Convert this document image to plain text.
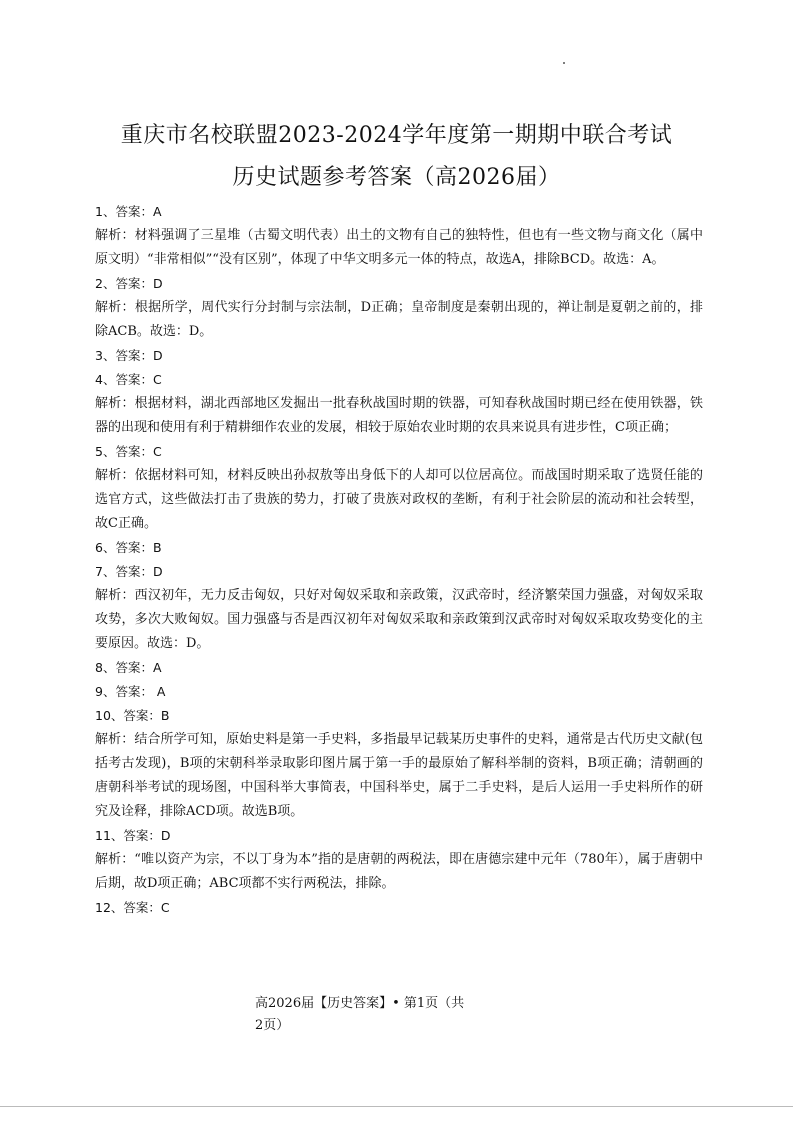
重庆市名校联盟2023-2024学年度第一期期中联合考试
历史试题参考答案（高2026届）
1、答案：A
解析：材料强调了三星堆（古蜀文明代表）出土的文物有自己的独特性，但也有一些文物与商文化（属中原文明）“非常相似”“没有区别”，体现了中华文明多元一体的特点，故选A，排除BCD。故选：A。
2、答案：D
解析：根据所学，周代实行分封制与宗法制，D正确；皇帝制度是秦朝出现的，禅让制是夏朝之前的，排除ACB。故选：D。
3、答案：D
4、答案：C
解析：根据材料，湖北西部地区发掘出一批春秋战国时期的铁器，可知春秋战国时期已经在使用铁器，铁器的出现和使用有利于精耕细作农业的发展，相较于原始农业时期的农具来说具有进步性，C项正确；
5、答案：C
解析：依据材料可知，材料反映出孙叔敖等出身低下的人却可以位居高位。而战国时期采取了选贤任能的选官方式，这些做法打击了贵族的势力，打破了贵族对政权的垄断，有利于社会阶层的流动和社会转型，故C正确。
6、答案：B
7、答案：D
解析：西汉初年，无力反击匈奴，只好对匈奴采取和亲政策，汉武帝时，经济繁荣国力强盛，对匈奴采取攻势，多次大败匈奴。国力强盛与否是西汉初年对匈奴采取和亲政策到汉武帝时对匈奴采取攻势变化的主要原因。故选：D。
8、答案：A
9、答案： A
10、答案：B
解析：结合所学可知，原始史料是第一手史料，多指最早记载某历史事件的史料，通常是古代历史文献(包括考古发现)，B项的宋朝科举录取影印图片属于第一手的最原始了解科举制的资料，B项正确；清朝画的唐朝科举考试的现场图，中国科举大事简表，中国科举史，属于二手史料，是后人运用一手史料所作的研究及诠释，排除ACD项。故选B项。
11、答案：D
解析：“唯以资产为宗，不以丁身为本”指的是唐朝的两税法，即在唐德宗建中元年（780年），属于唐朝中后期，故D项正确；ABC项都不实行两税法，排除。
12、答案：C
高2026届【历史答案】• 第1页（共
2页）
